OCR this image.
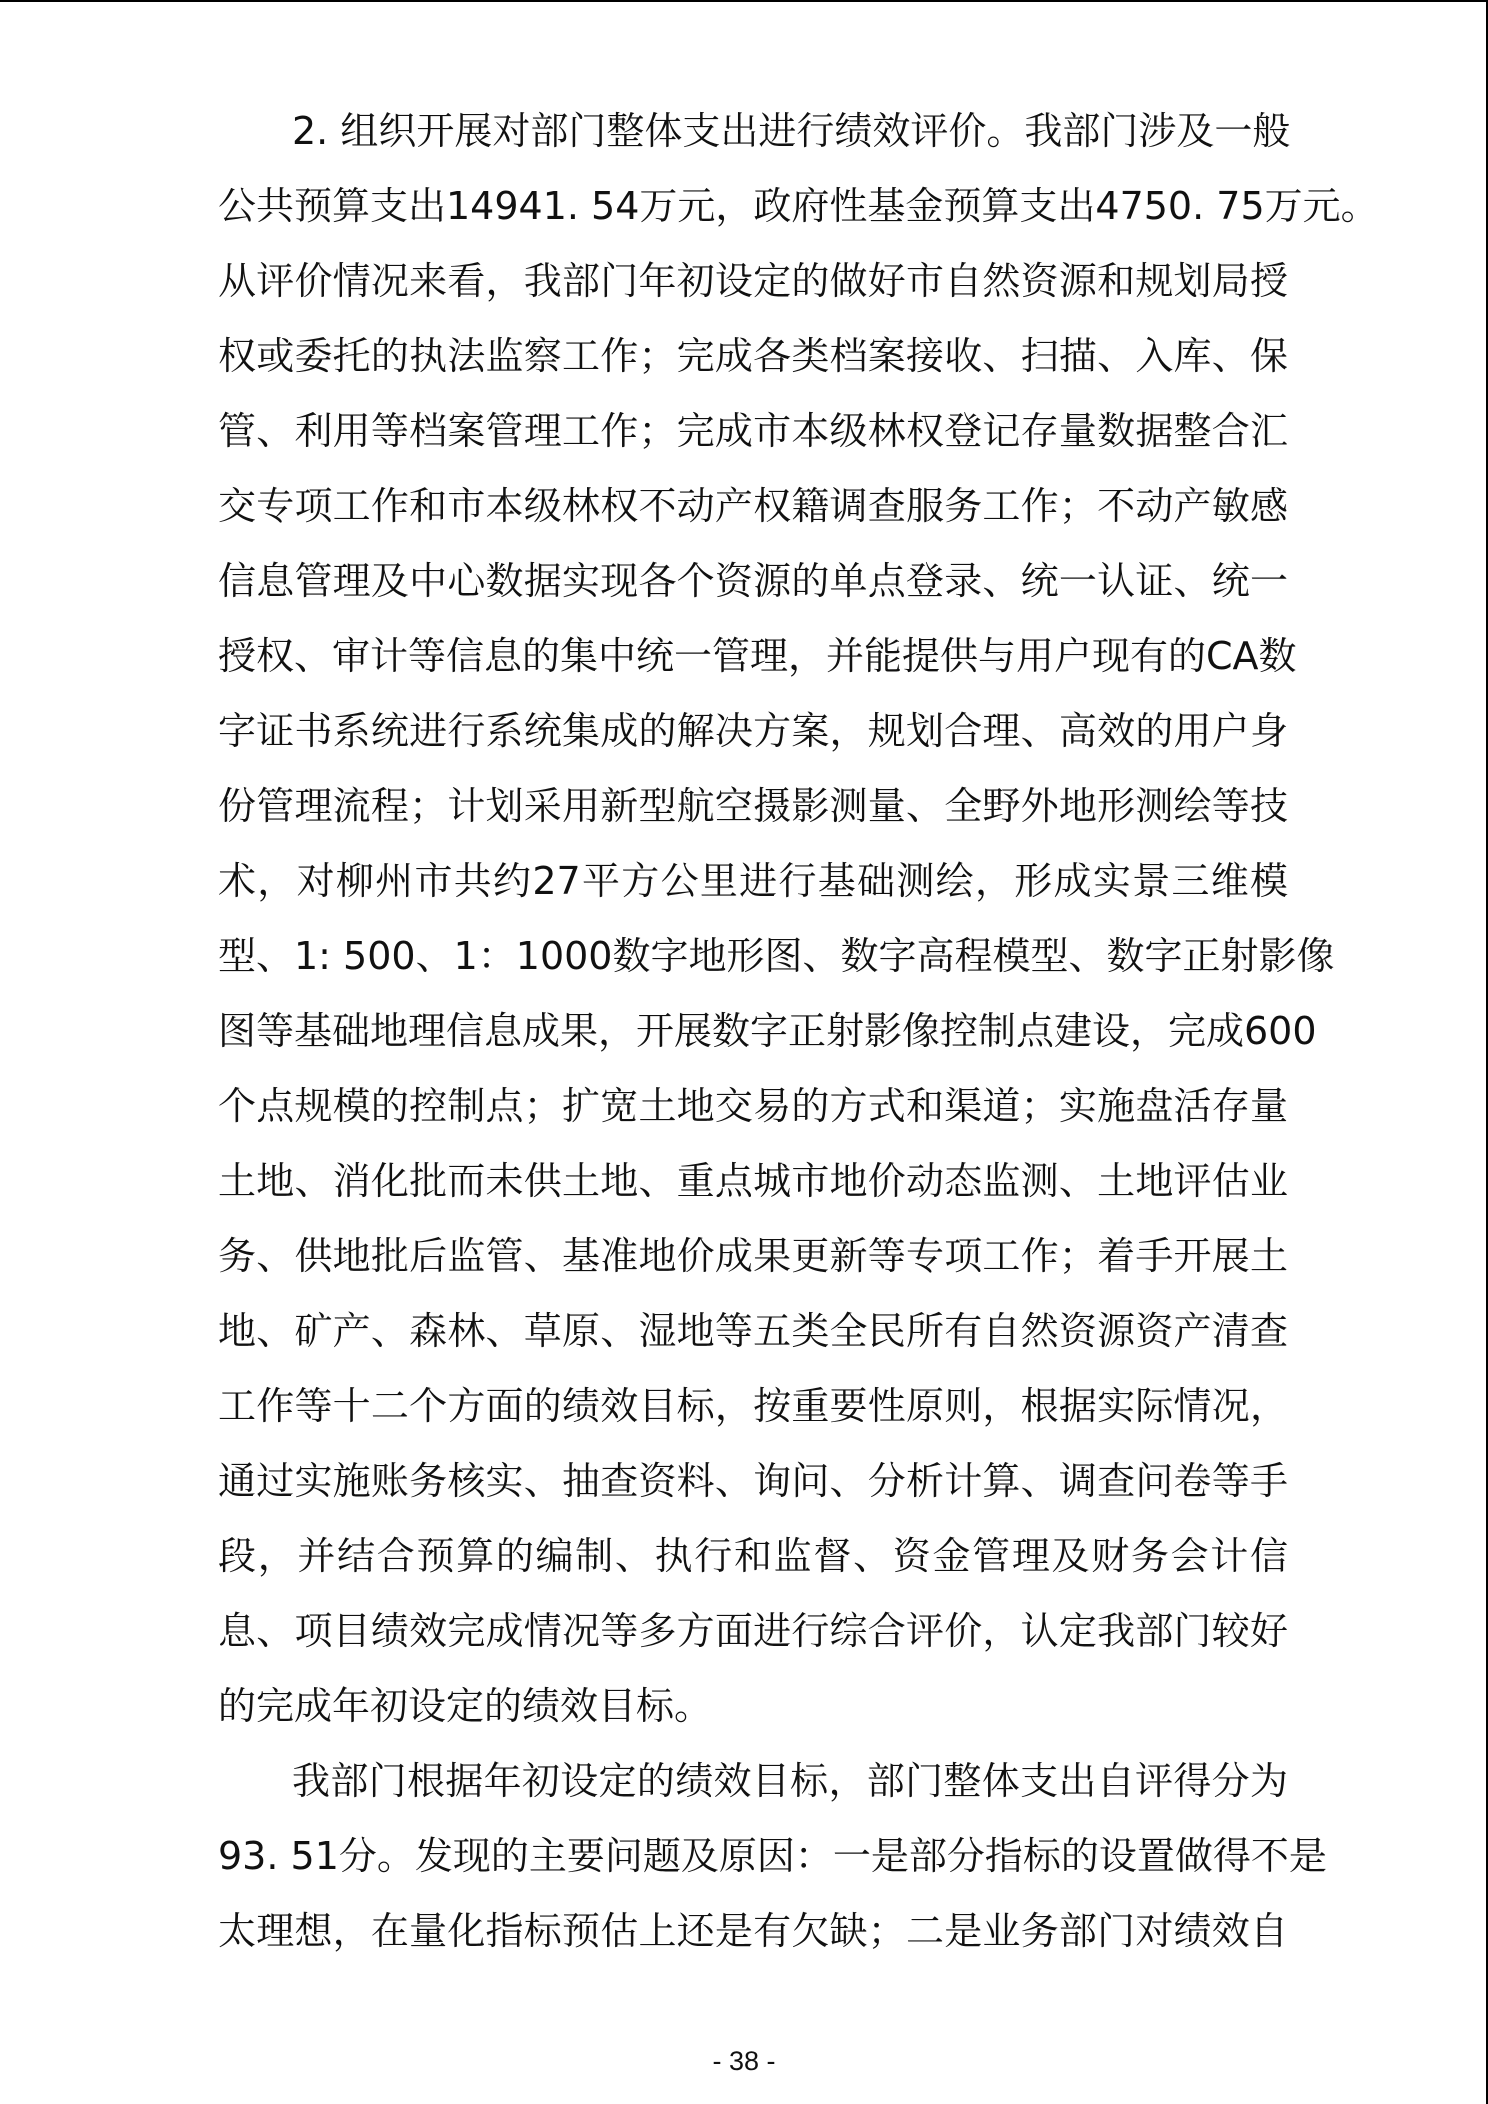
2. 组织开展对部门整体支出进行绩效评价。我部门涉及一般
公共预算支出14941. 54万元，政府性基金预算支出4750. 75万元。
从评价情况来看，我部门年初设定的做好市自然资源和规划局授
权或委托的执法监察工作；完成各类档案接收、扫描、入库、保
管、利用等档案管理工作；完成市本级林权登记存量数据整合汇
交专项工作和市本级林权不动产权籍调查服务工作；不动产敏感
信息管理及中心数据实现各个资源的单点登录、统一认证、统一
授权、审计等信息的集中统一管理，并能提供与用户现有的CA数
字证书系统进行系统集成的解决方案，规划合理、高效的用户身
份管理流程；计划采用新型航空摄影测量、全野外地形测绘等技
术，对柳州市共约27平方公里进行基础测绘，形成实景三维模
型、1: 500、1：1000数字地形图、数字高程模型、数字正射影像
图等基础地理信息成果，开展数字正射影像控制点建设，完成600
个点规模的控制点；扩宽土地交易的方式和渠道；实施盘活存量
土地、消化批而未供土地、重点城市地价动态监测、土地评估业
务、供地批后监管、基准地价成果更新等专项工作；着手开展土
地、矿产、森林、草原、湿地等五类全民所有自然资源资产清查
工作等十二个方面的绩效目标，按重要性原则，根据实际情况，
通过实施账务核实、抽查资料、询问、分析计算、调查问卷等手
段，并结合预算的编制、执行和监督、资金管理及财务会计信
息、项目绩效完成情况等多方面进行综合评价，认定我部门较好
的完成年初设定的绩效目标。
我部门根据年初设定的绩效目标，部门整体支出自评得分为
93. 51分。发现的主要问题及原因：一是部分指标的设置做得不是
太理想，在量化指标预估上还是有欠缺；二是业务部门对绩效自
- 38 -
